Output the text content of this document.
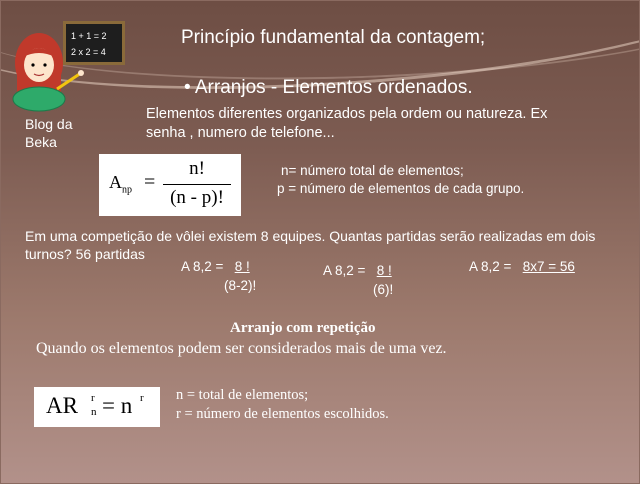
1 + 1 = 2
2 x 2 = 4
Princípio fundamental da contagem;
• Arranjos - Elementos ordenados.
Elementos diferentes organizados pela ordem ou natureza. Ex
senha , numero de telefone...
Blog da
Beka
$A_{np}$ =
n!
(n - p)!
n= número total de elementos;
p = número de elementos de cada grupo.
Em uma competição de vôlei existem 8 equipes. Quantas partidas serão realizadas em dois
turnos? 56 partidas
A 8,2 = 8 !
(8-2)!
A 8,2 = 8 !
(6)!
A 8,2 = 8x7 = 56
Arranjo com repetição
Quando os elementos podem ser considerados mais de uma vez.
AR r
n = n r n = total de elementos;
r = número de elementos escolhidos.
